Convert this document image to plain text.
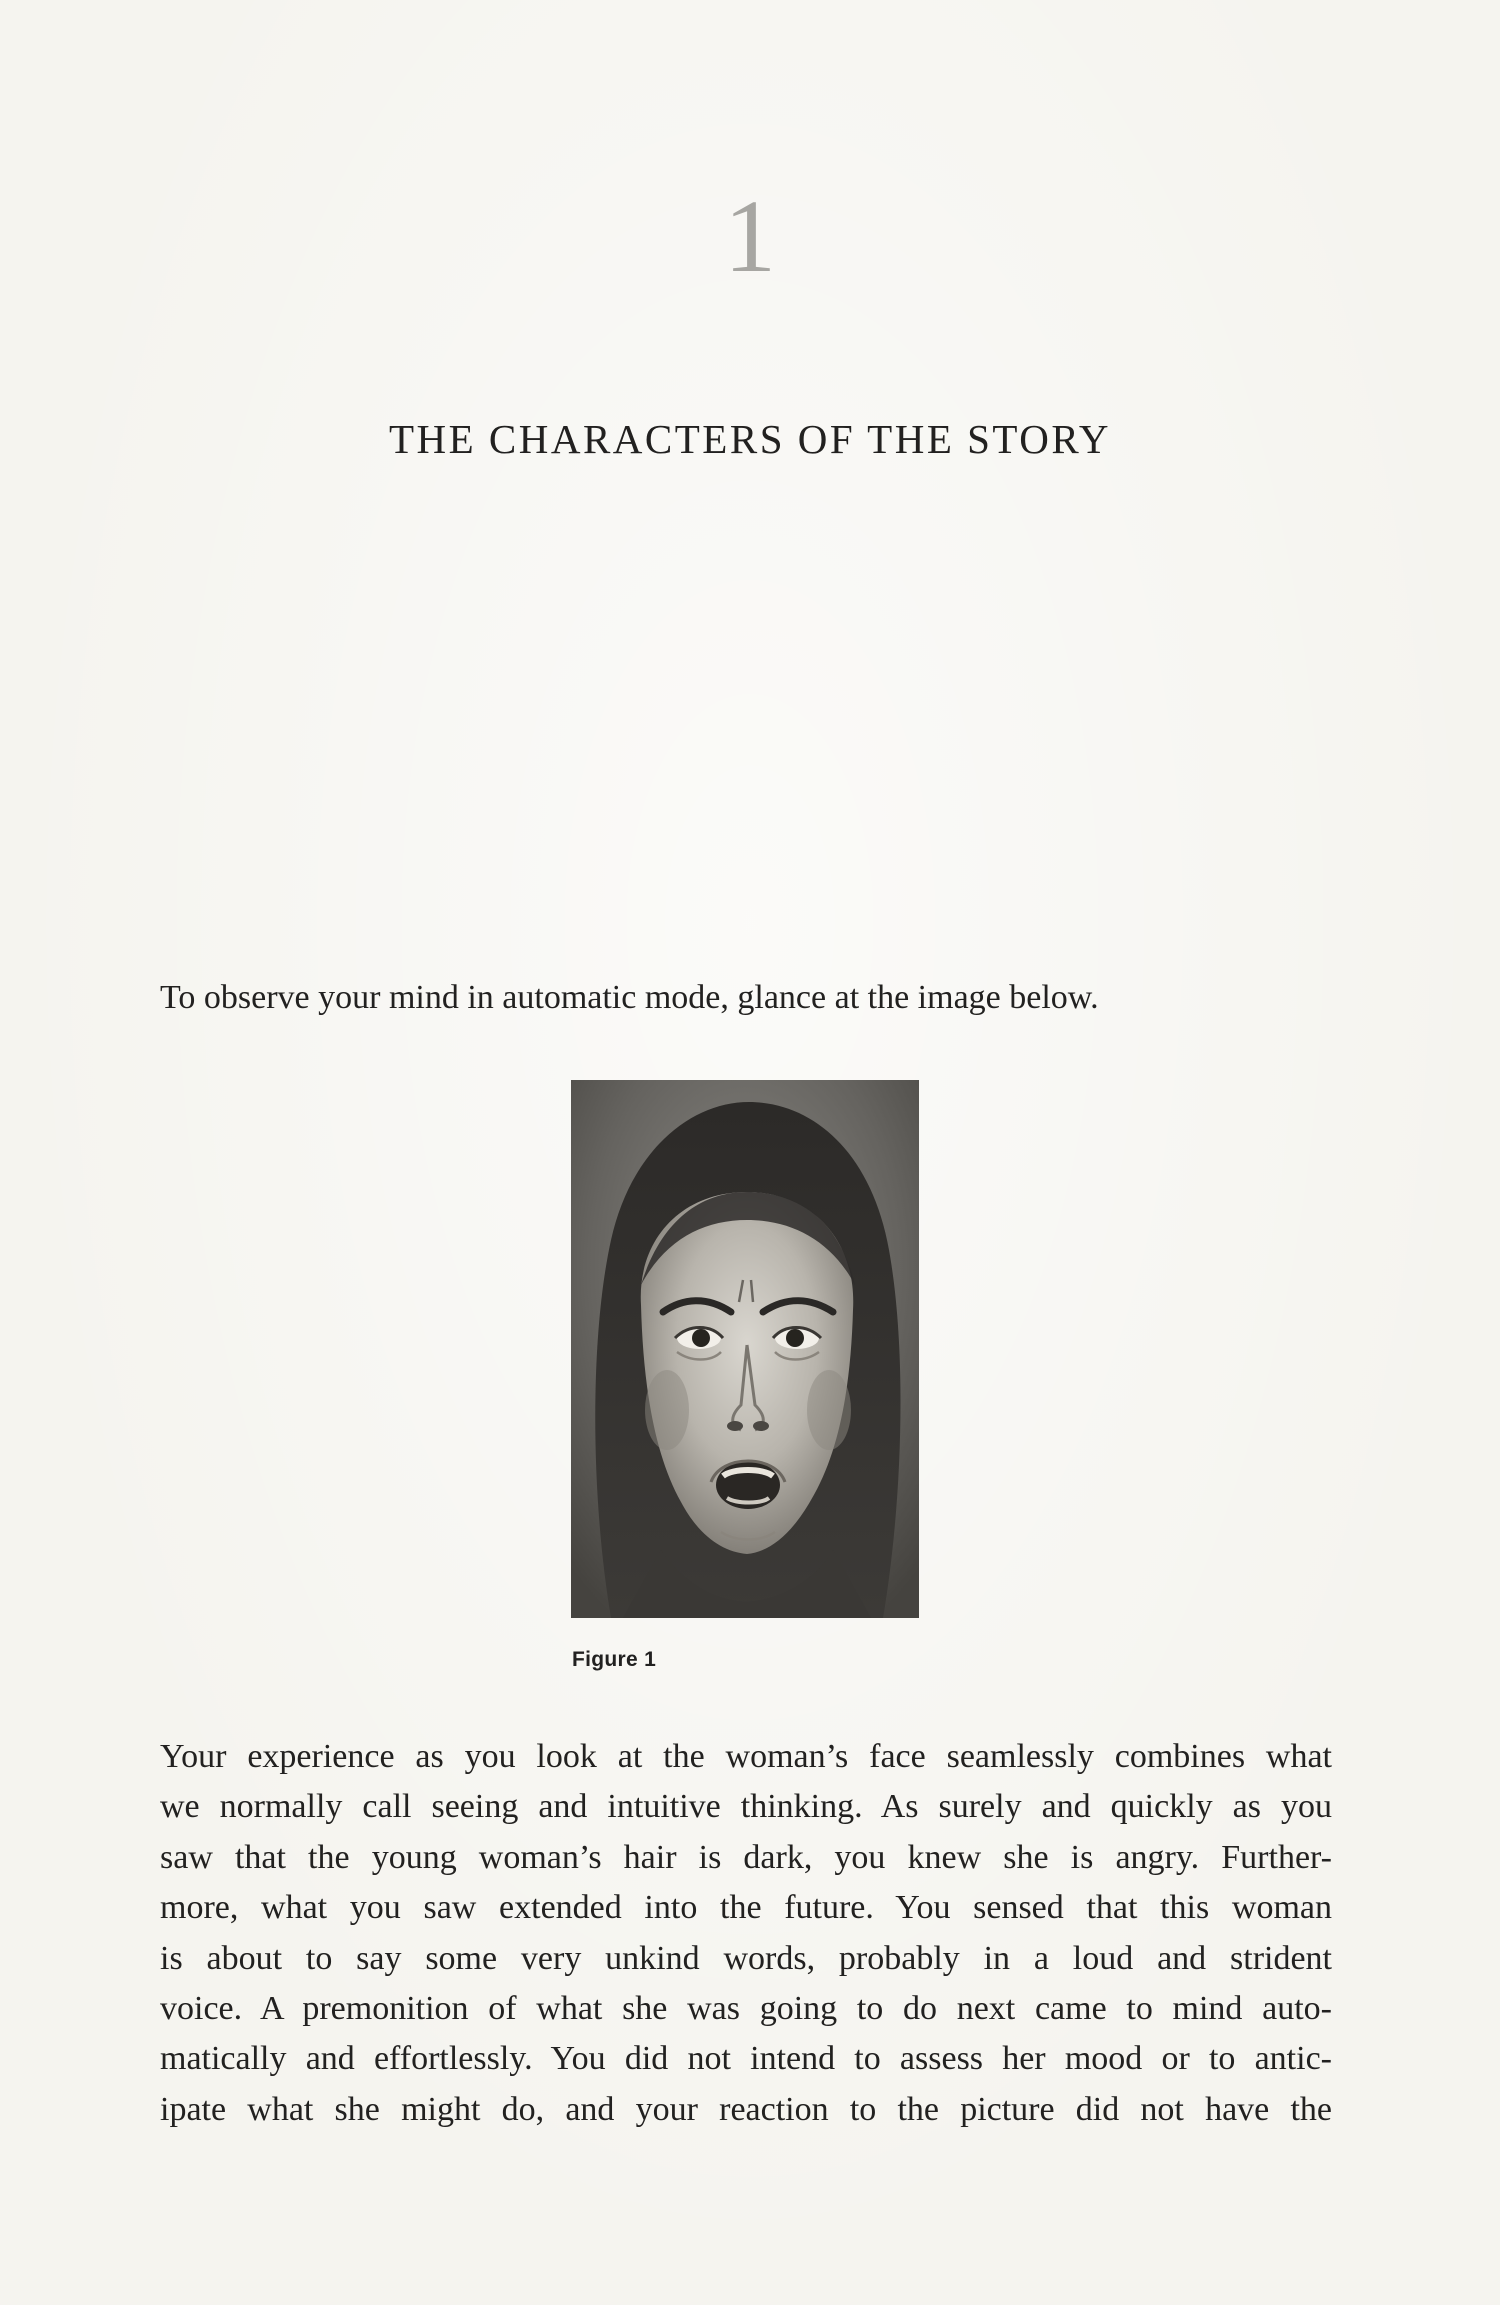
1
THE CHARACTERS OF THE STORY

To observe your mind in automatic mode, glance at the image below.

Figure 1

Your experience as you look at the woman’s face seamlessly combines what
we normally call seeing and intuitive thinking. As surely and quickly as you
saw that the young woman’s hair is dark, you knew she is angry. Further-
more, what you saw extended into the future. You sensed that this woman
is about to say some very unkind words, probably in a loud and strident
voice. A premonition of what she was going to do next came to mind auto-
matically and effortlessly. You did not intend to assess her mood or to antic-
ipate what she might do, and your reaction to the picture did not have the
